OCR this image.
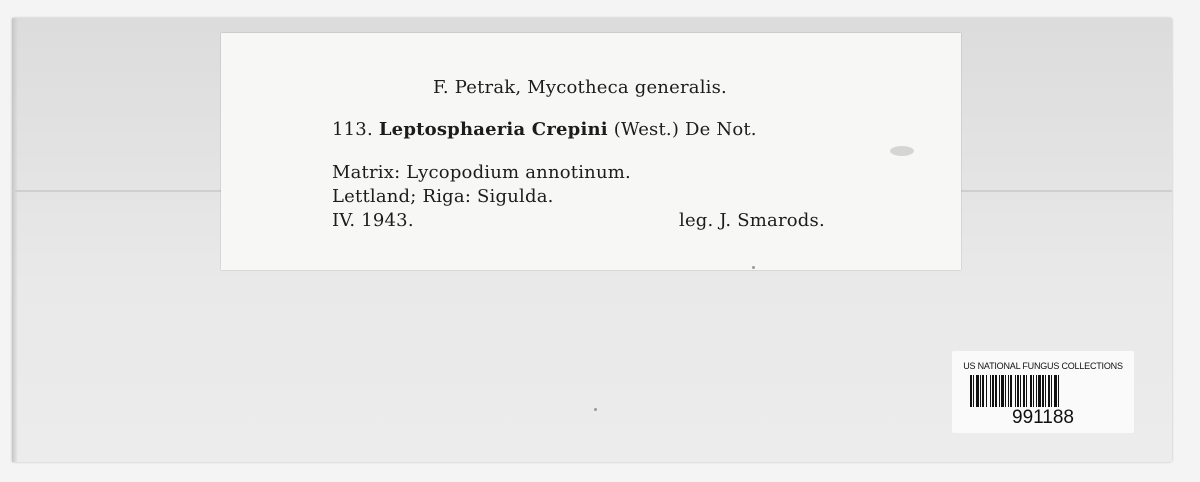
F. Petrak, Mycotheca generalis.
113. Leptosphaeria Crepini (West.) De Not.
Matrix: Lycopodium annotinum.
Lettland; Riga: Sigulda.
IV. 1943.	leg. J. Smarods.
US NATIONAL FUNGUS COLLECTIONS
991188
